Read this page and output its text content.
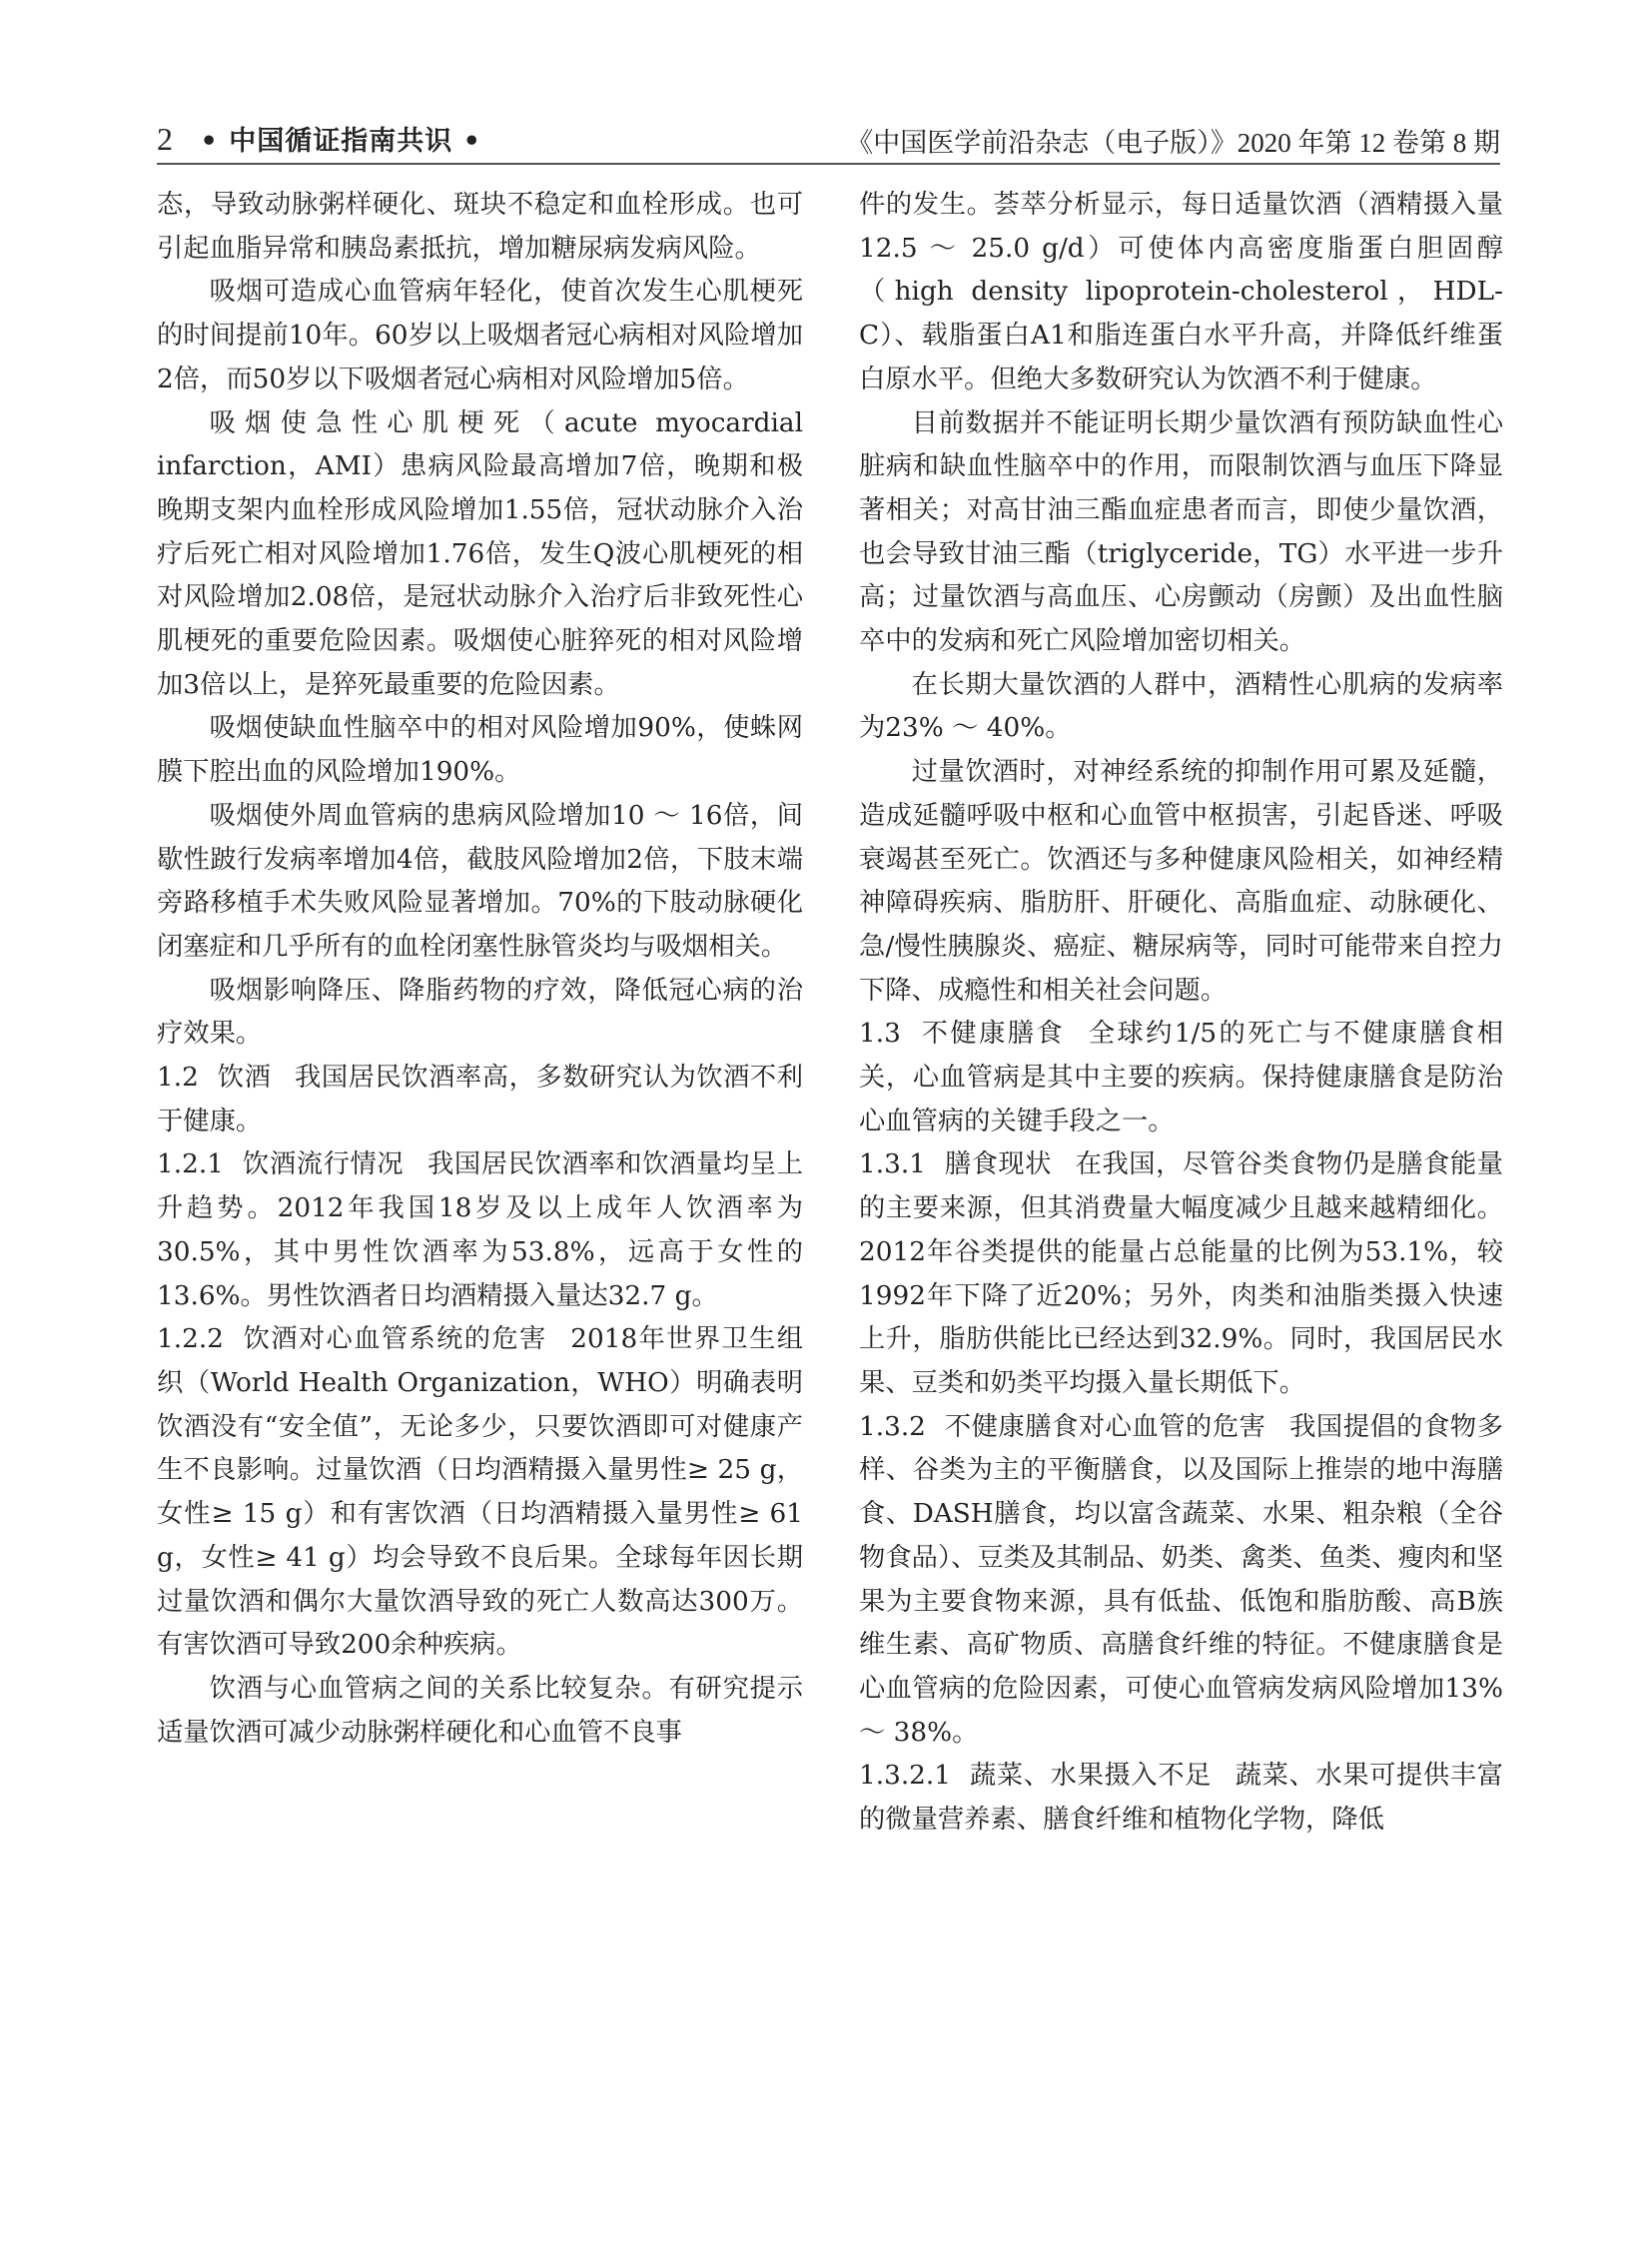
2 • 中国循证指南共识 •	《中国医学前沿杂志（电子版）》2020 年第 12 卷第 8 期

态，导致动脉粥样硬化、斑块不稳定和血栓形成。也可引起血脂异常和胰岛素抵抗，增加糖尿病发病风险。

吸烟可造成心血管病年轻化，使首次发生心肌梗死的时间提前10年。60岁以上吸烟者冠心病相对风险增加2倍，而50岁以下吸烟者冠心病相对风险增加5倍。

吸烟使急性心肌梗死（acute myocardial infarction，AMI）患病风险最高增加7倍，晚期和极晚期支架内血栓形成风险增加1.55倍，冠状动脉介入治疗后死亡相对风险增加1.76倍，发生Q波心肌梗死的相对风险增加2.08倍，是冠状动脉介入治疗后非致死性心肌梗死的重要危险因素。吸烟使心脏猝死的相对风险增加3倍以上，是猝死最重要的危险因素。

吸烟使缺血性脑卒中的相对风险增加90%，使蛛网膜下腔出血的风险增加190%。

吸烟使外周血管病的患病风险增加10 ～ 16倍，间歇性跛行发病率增加4倍，截肢风险增加2倍，下肢末端旁路移植手术失败风险显著增加。70%的下肢动脉硬化闭塞症和几乎所有的血栓闭塞性脉管炎均与吸烟相关。

吸烟影响降压、降脂药物的疗效，降低冠心病的治疗效果。

1.2 饮酒 我国居民饮酒率高，多数研究认为饮酒不利于健康。

1.2.1 饮酒流行情况 我国居民饮酒率和饮酒量均呈上升趋势。2012年我国18岁及以上成年人饮酒率为30.5%，其中男性饮酒率为53.8%，远高于女性的13.6%。男性饮酒者日均酒精摄入量达32.7 g。

1.2.2 饮酒对心血管系统的危害 2018年世界卫生组织（World Health Organization，WHO）明确表明饮酒没有“安全值”，无论多少，只要饮酒即可对健康产生不良影响。过量饮酒（日均酒精摄入量男性≥ 25 g，女性≥ 15 g）和有害饮酒（日均酒精摄入量男性≥ 61 g，女性≥ 41 g）均会导致不良后果。全球每年因长期过量饮酒和偶尔大量饮酒导致的死亡人数高达300万。有害饮酒可导致200余种疾病。

饮酒与心血管病之间的关系比较复杂。有研究提示适量饮酒可减少动脉粥样硬化和心血管不良事

件的发生。荟萃分析显示，每日适量饮酒（酒精摄入量12.5 ～ 25.0 g/d）可使体内高密度脂蛋白胆固醇（high density lipoprotein-cholesterol，HDL-C）、载脂蛋白A1和脂连蛋白水平升高，并降低纤维蛋白原水平。但绝大多数研究认为饮酒不利于健康。

目前数据并不能证明长期少量饮酒有预防缺血性心脏病和缺血性脑卒中的作用，而限制饮酒与血压下降显著相关；对高甘油三酯血症患者而言，即使少量饮酒，也会导致甘油三酯（triglyceride，TG）水平进一步升高；过量饮酒与高血压、心房颤动（房颤）及出血性脑卒中的发病和死亡风险增加密切相关。

在长期大量饮酒的人群中，酒精性心肌病的发病率为23% ～ 40%。

过量饮酒时，对神经系统的抑制作用可累及延髓，造成延髓呼吸中枢和心血管中枢损害，引起昏迷、呼吸衰竭甚至死亡。饮酒还与多种健康风险相关，如神经精神障碍疾病、脂肪肝、肝硬化、高脂血症、动脉硬化、急/慢性胰腺炎、癌症、糖尿病等，同时可能带来自控力下降、成瘾性和相关社会问题。

1.3 不健康膳食 全球约1/5的死亡与不健康膳食相关，心血管病是其中主要的疾病。保持健康膳食是防治心血管病的关键手段之一。

1.3.1 膳食现状 在我国，尽管谷类食物仍是膳食能量的主要来源，但其消费量大幅度减少且越来越精细化。2012年谷类提供的能量占总能量的比例为53.1%，较1992年下降了近20%；另外，肉类和油脂类摄入快速上升，脂肪供能比已经达到32.9%。同时，我国居民水果、豆类和奶类平均摄入量长期低下。

1.3.2 不健康膳食对心血管的危害 我国提倡的食物多样、谷类为主的平衡膳食，以及国际上推崇的地中海膳食、DASH膳食，均以富含蔬菜、水果、粗杂粮（全谷物食品）、豆类及其制品、奶类、禽类、鱼类、瘦肉和坚果为主要食物来源，具有低盐、低饱和脂肪酸、高B族维生素、高矿物质、高膳食纤维的特征。不健康膳食是心血管病的危险因素，可使心血管病发病风险增加13% ～ 38%。

1.3.2.1 蔬菜、水果摄入不足 蔬菜、水果可提供丰富的微量营养素、膳食纤维和植物化学物，降低
